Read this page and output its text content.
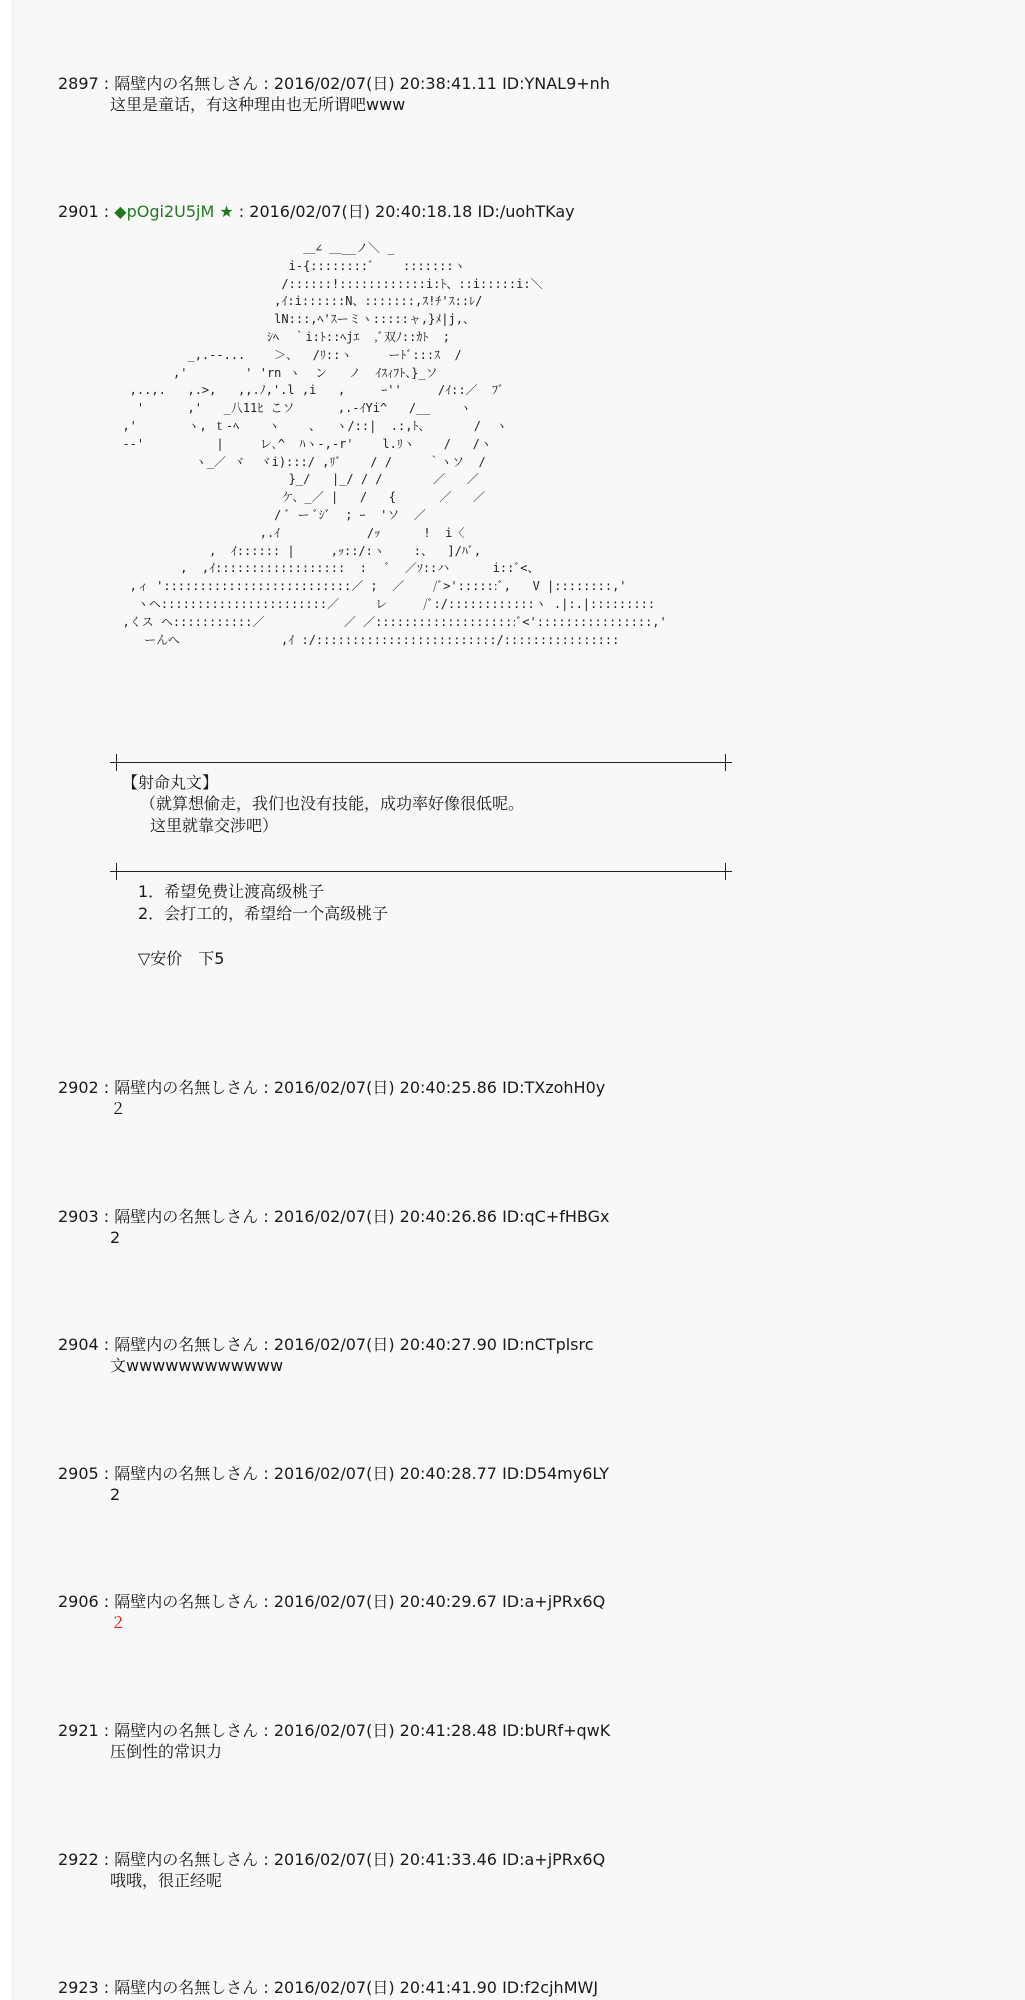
2897 : 隔壁内の名無しさん : 2016/02/07(日) 20:38:41.11 ID:YNAL9+nh
这里是童话，有这种理由也无所谓吧www
2901 : ◆pOgi2U5jM ★ : 2016/02/07(日) 20:40:18.18 ID:/uohTKay
＿∠ ＿__ノ＼ _
i-{::::::::ﾞ    :::::::ヽ
/::::::!::::::::::::i:ﾄ、::i:::::i:＼
,ｲ:i::::::N、:::::::,ｽ!ﾁ'ｽ::ﾚ/
lN:::,ﾍ'ｽーミヽ:::::ャ,}ﾒ|j,、
ｼﾍ  ｀i:ﾄ::ﾍjｴ  ,ﾞ双ﾉ::ｶﾄ  ;
_,.-‐...    ＞、  /ﾘ::ヽ     ーﾄﾞ:::ｽ  /
,'        ' 'rn ヽ  ン   ノ  ｲｽｨﾌﾄ、}_ソ
,..,.   ,.>,   ,,.ﾉ,'.l ,i   ,     ｰ''     /ｲ::／  ﾌﾞ
'      ,'   _八11ﾋ こソ      ,.-ｲYi^   /__    ヽ
,'       ヽ, ｔ-ﾍ    ヽ    、  ヽ/::|  .:,ﾄ、      /  ヽ
‐‐'          |     レ､^  ﾊヽ-,-r'    l.ﾘヽ    /   /ヽ
ヽ_／ ヾ  ヾi):::/ ,ﾘﾞ    / /     ｀ヽソ  /
}_/   |_/ / /       ／   ／
ケ、_／ |   /   {      ／   ／
/ ﾞ ー ﾞｼﾞ  ; ｰ  'ソ  ／
,.ｲ            /ｯ      !  i〈
,  ｲ:::::: |     ,ｯ::/:ヽ    :、  ]/ﾊﾞ,
,  ,ｲ::::::::::::::::::  :   ﾞ  ／ｿ::ハ
,ィ '::::::::::::::::::::::::::／ ;  ／    /ﾞ>'::::::ﾞ,
ヽヘ:::::::::::::::::::::::／     レ     /ﾞ:/::::::::::::ヽ
,くス ヘ:::::::::::／           ／
ーんへ              ,ｲ :/:::::::::::::::::::::::::/::::::::::::::::
【射命丸文】
（就算想偷走，我们也没有技能，成功率好像很低呢。
这里就靠交涉吧）
1．希望免费让渡高级桃子
2．会打工的，希望给一个高级桃子
▽安价　下5
2902 : 隔壁内の名無しさん : 2016/02/07(日) 20:40:25.86 ID:TXzohH0y
２
2903 : 隔壁内の名無しさん : 2016/02/07(日) 20:40:26.86 ID:qC+fHBGx
2
2904 : 隔壁内の名無しさん : 2016/02/07(日) 20:40:27.90 ID:nCTplsrc
文wwwwwwwwwwww
2905 : 隔壁内の名無しさん : 2016/02/07(日) 20:40:28.77 ID:D54my6LY
2
2906 : 隔壁内の名無しさん : 2016/02/07(日) 20:40:29.67 ID:a+jPRx6Q
２
2921 : 隔壁内の名無しさん : 2016/02/07(日) 20:41:28.48 ID:bURf+qwK
压倒性的常识力
2922 : 隔壁内の名無しさん : 2016/02/07(日) 20:41:33.46 ID:a+jPRx6Q
哦哦，很正经呢
2923 : 隔壁内の名無しさん : 2016/02/07(日) 20:41:41.90 ID:f2cjhMWJ
